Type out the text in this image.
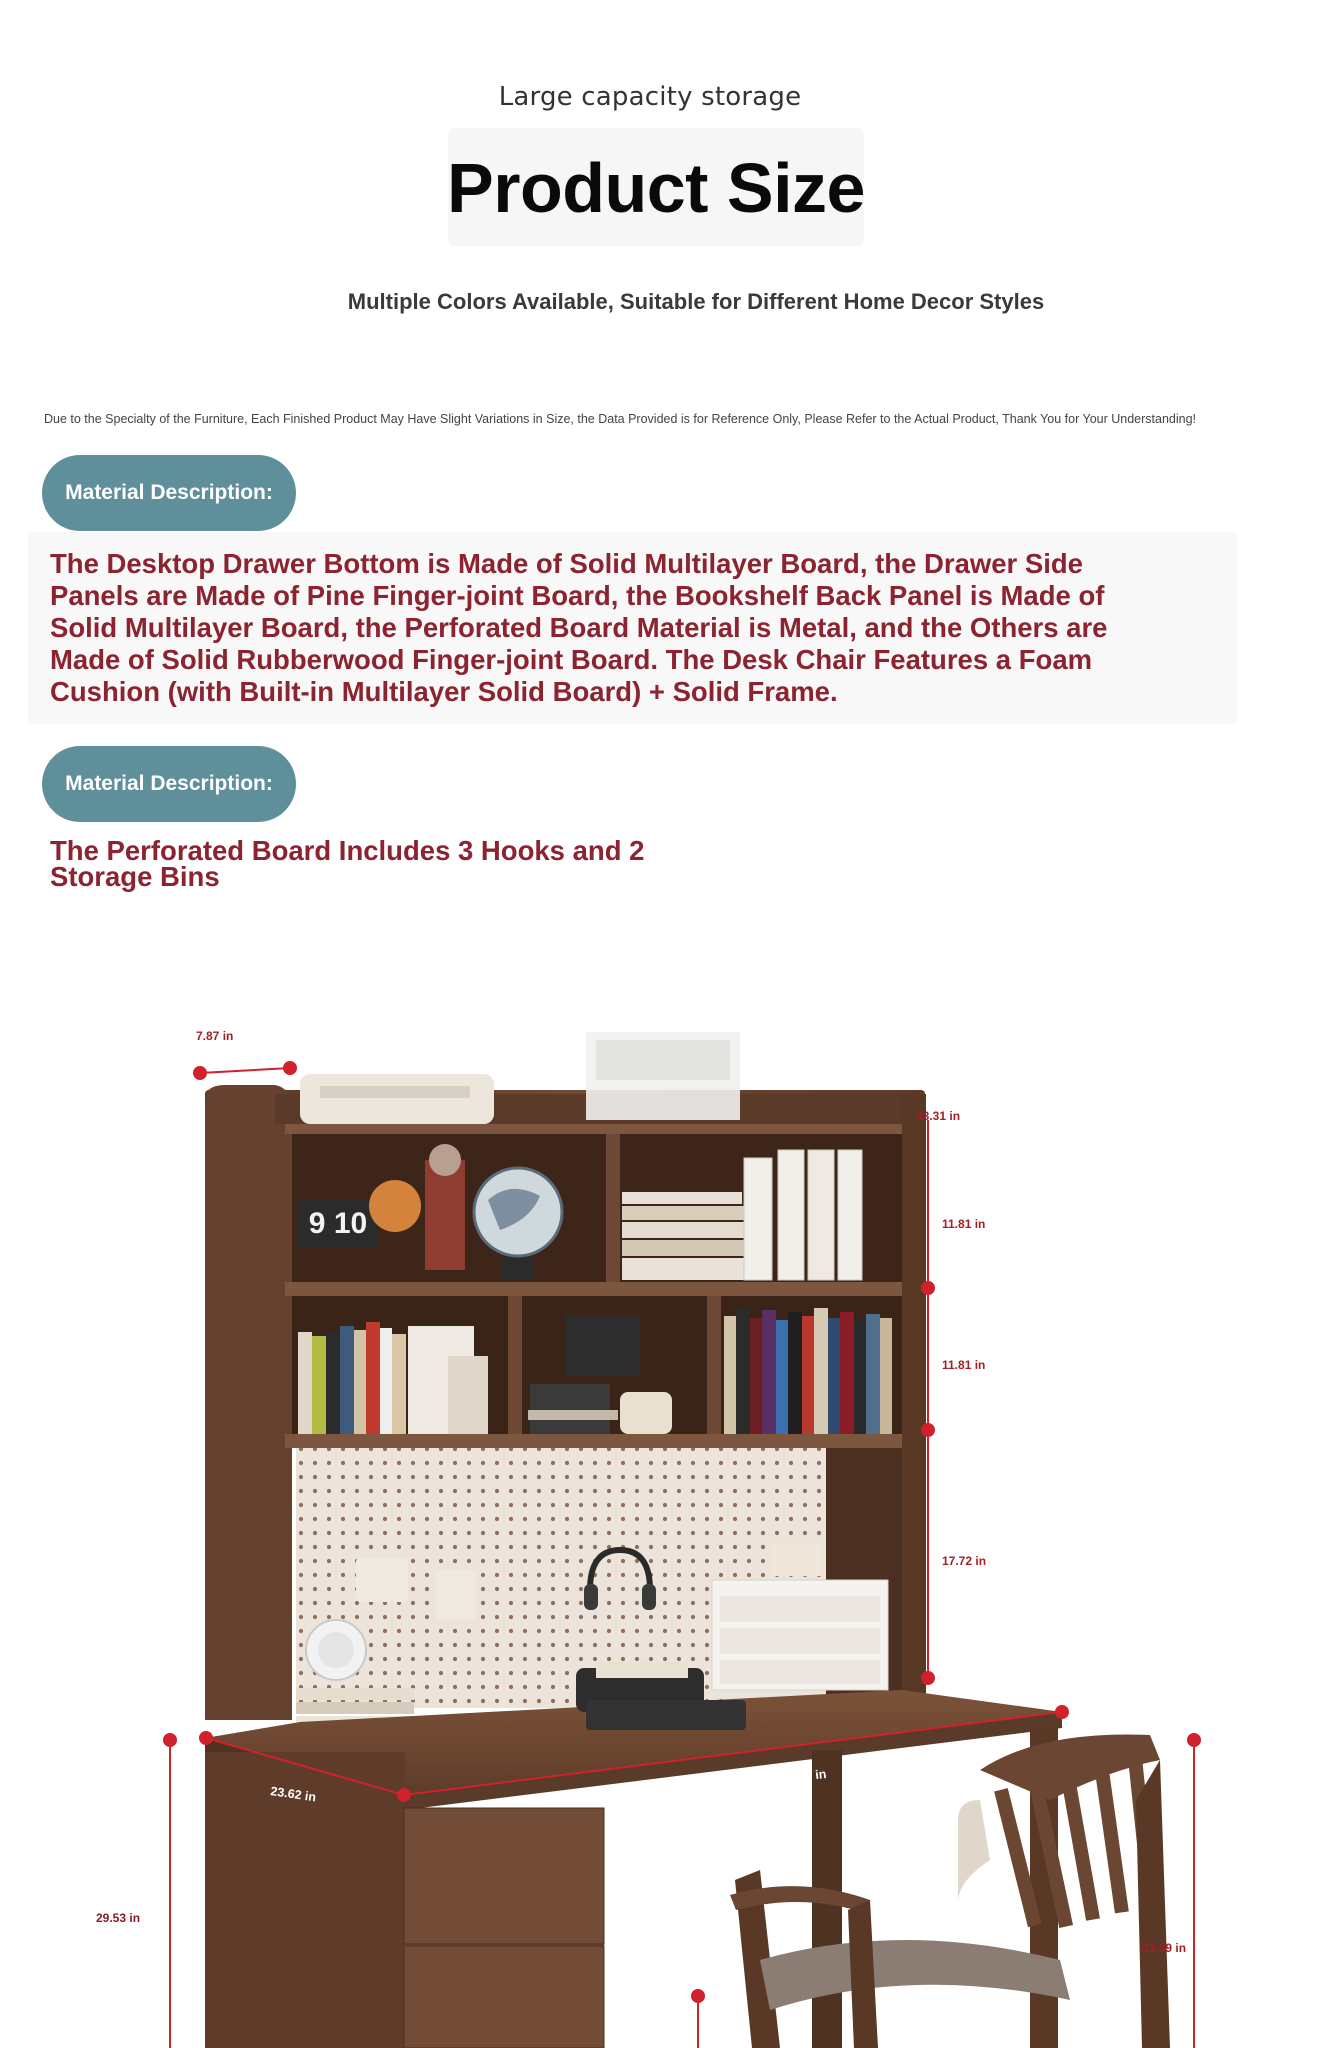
Large capacity storage
Product Size
Multiple Colors Available, Suitable for Different Home Decor Styles
Due to the Specialty of the Furniture, Each Finished Product May Have Slight Variations in Size, the Data Provided is for Reference Only, Please Refer to the Actual Product, Thank You for Your Understanding!
Material Description:
The Desktop Drawer Bottom is Made of Solid Multilayer Board, the Drawer Side Panels are Made of Pine Finger-joint Board, the Bookshelf Back Panel is Made of Solid Multilayer Board, the Perforated Board Material is Metal, and the Others are Made of Solid Rubberwood Finger-joint Board. The Desk Chair Features a Foam Cushion (with Built-in Multilayer Solid Board) + Solid Frame.
Material Description:
The Perforated Board Includes 3 Hooks and 2 Storage Bins
9 10
7.87 in
43.31 in
11.81 in
11.81 in
17.72 in
23.62 in
39.37/47.24/55.12 in
29.53 in
31.89 in
